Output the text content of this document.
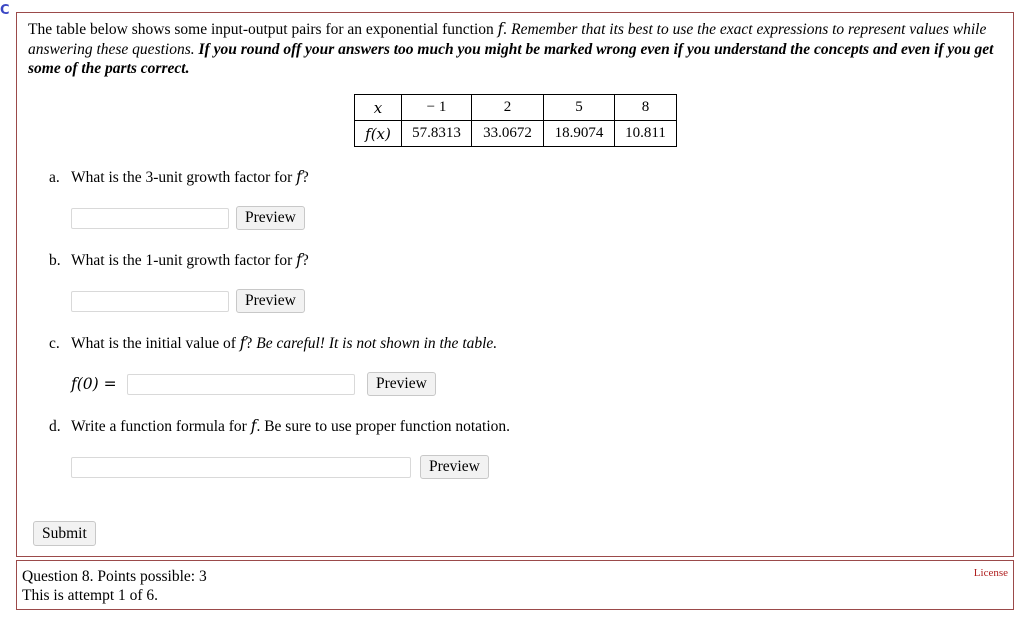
C
The table below shows some input-output pairs for an exponential function f. Remember that its best to use the exact expressions to represent values while answering these questions. If you round off your answers too much you might be marked wrong even if you understand the concepts and even if you get some of the parts correct.
x	− 1	2	5	8
f(x)	57.8313	33.0672	18.9074	10.811
a. What is the 3-unit growth factor for f?
Preview
b. What is the 1-unit growth factor for f?
Preview
c. What is the initial value of f? Be careful! It is not shown in the table.
f(0) =	Preview
d. Write a function formula for f. Be sure to use proper function notation.
Preview
Submit
Question 8. Points possible: 3
This is attempt 1 of 6.
License
